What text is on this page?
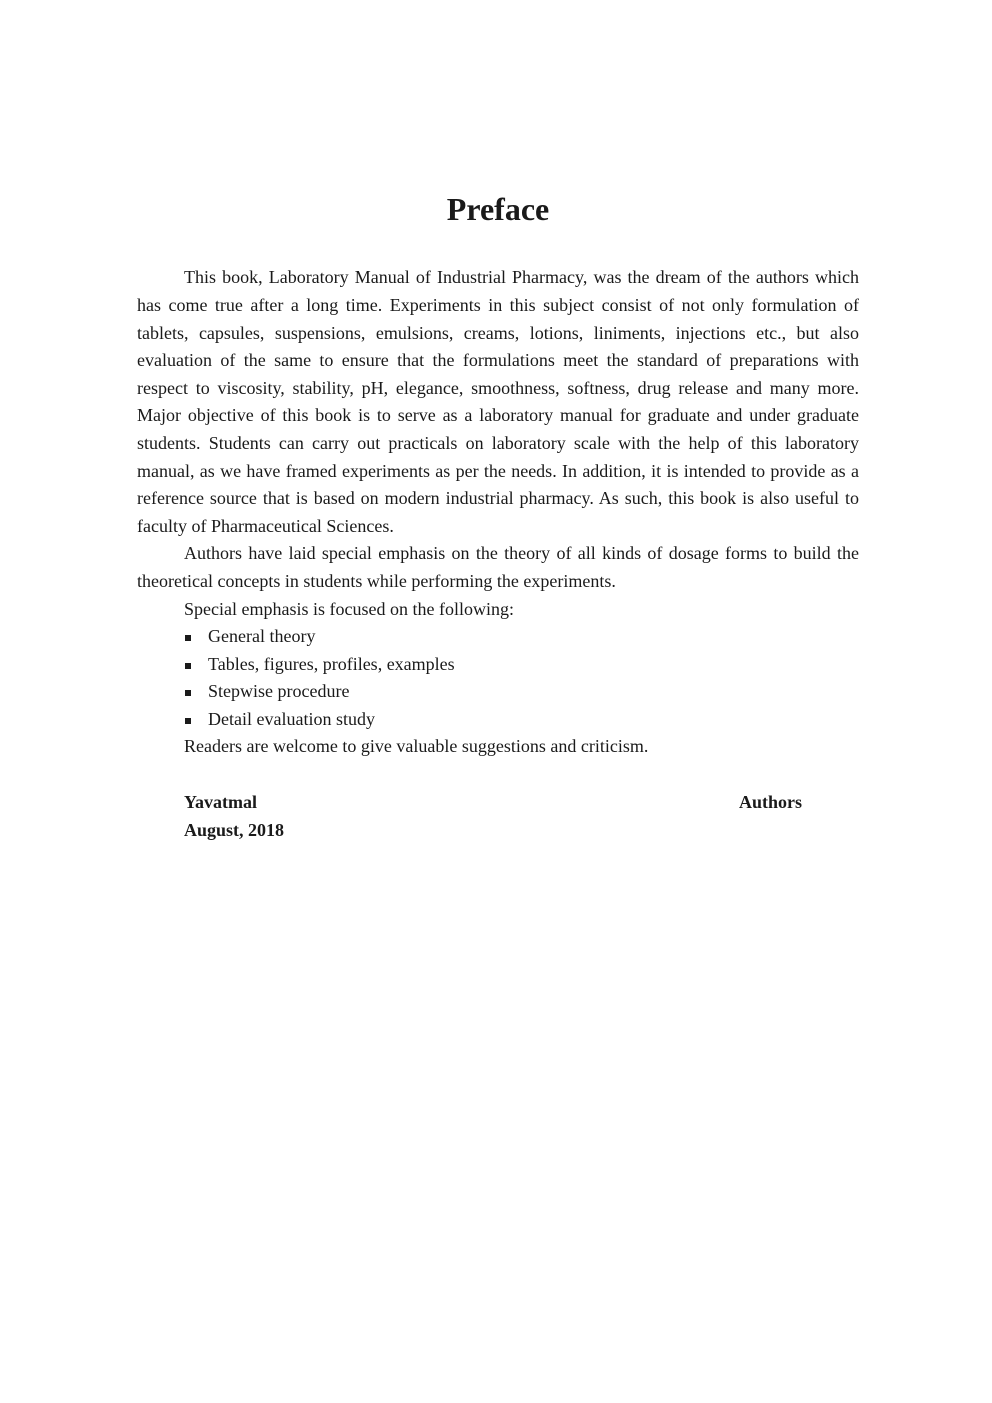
Preface

This book, Laboratory Manual of Industrial Pharmacy, was the dream of the authors which has come true after a long time. Experiments in this subject consist of not only formulation of tablets, capsules, suspensions, emulsions, creams, lotions, liniments, injections etc., but also evaluation of the same to ensure that the formulations meet the standard of preparations with respect to viscosity, stability, pH, elegance, smoothness, softness, drug release and many more. Major objective of this book is to serve as a laboratory manual for graduate and under graduate students. Students can carry out practicals on laboratory scale with the help of this laboratory manual, as we have framed experiments as per the needs. In addition, it is intended to provide as a reference source that is based on modern industrial pharmacy. As such, this book is also useful to faculty of Pharmaceutical Sciences.

Authors have laid special emphasis on the theory of all kinds of dosage forms to build the theoretical concepts in students while performing the experiments.

Special emphasis is focused on the following:

General theory
Tables, figures, profiles, examples
Stepwise procedure
Detail evaluation study

Readers are welcome to give valuable suggestions and criticism.

Yavatmal	Authors
August, 2018
